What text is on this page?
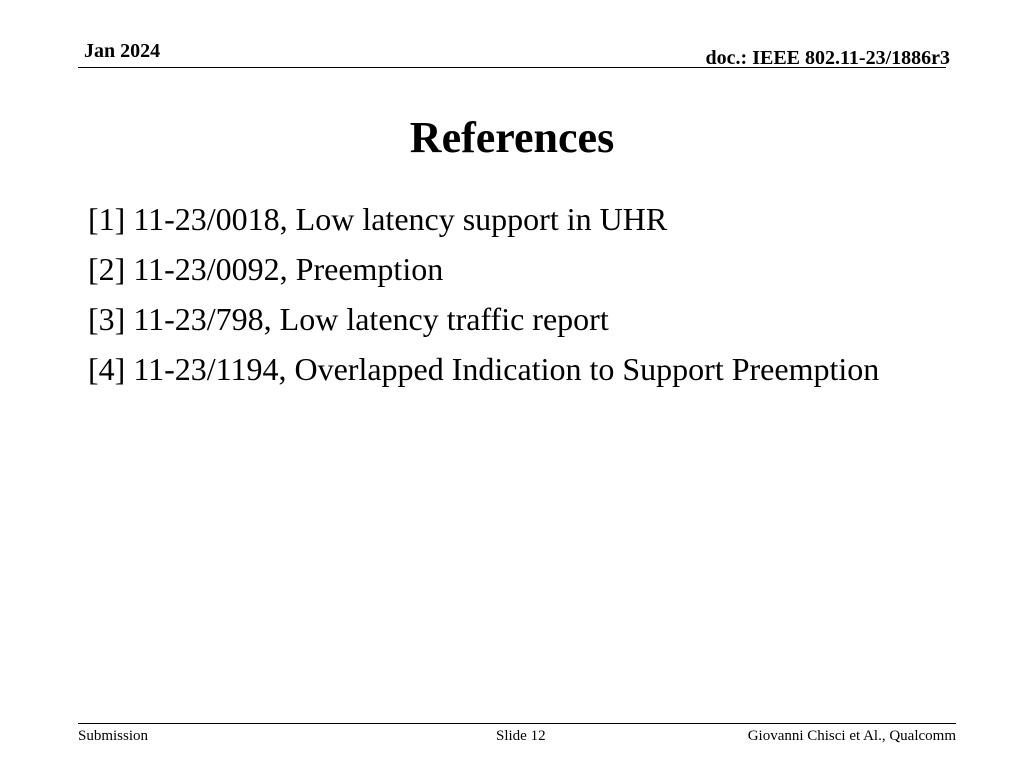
Jan 2024	doc.: IEEE 802.11-23/1886r3
References
[1] 11-23/0018, Low latency support in UHR
[2] 11-23/0092, Preemption
[3] 11-23/798, Low latency traffic report
[4] 11-23/1194, Overlapped Indication to Support Preemption
Submission	Slide 12	Giovanni Chisci et Al., Qualcomm
